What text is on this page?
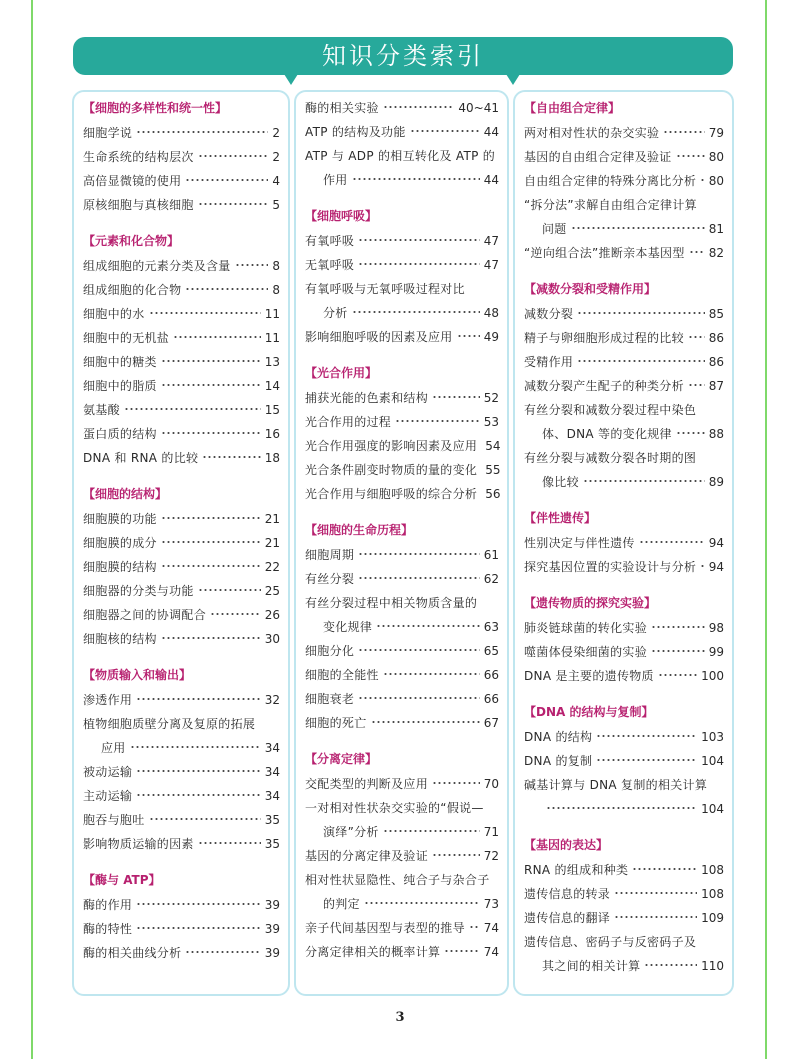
知识分类索引
【细胞的多样性和统一性】
细胞学说	2
生命系统的结构层次	2
高倍显微镜的使用	4
原核细胞与真核细胞	5
【元素和化合物】
组成细胞的元素分类及含量	8
组成细胞的化合物	8
细胞中的水	11
细胞中的无机盐	11
细胞中的糖类	13
细胞中的脂质	14
氨基酸	15
蛋白质的结构	16
DNA 和 RNA 的比较	18
【细胞的结构】
细胞膜的功能	21
细胞膜的成分	21
细胞膜的结构	22
细胞器的分类与功能	25
细胞器之间的协调配合	26
细胞核的结构	30
【物质输入和输出】
渗透作用	32
植物细胞质壁分离及复原的拓展
应用	34
被动运输	34
主动运输	34
胞吞与胞吐	35
影响物质运输的因素	35
【酶与 ATP】
酶的作用	39
酶的特性	39
酶的相关曲线分析	39
酶的相关实验	40~41
ATP 的结构及功能	44
ATP 与 ADP 的相互转化及 ATP 的
作用	44
【细胞呼吸】
有氧呼吸	47
无氧呼吸	47
有氧呼吸与无氧呼吸过程对比
分析	48
影响细胞呼吸的因素及应用	49
【光合作用】
捕获光能的色素和结构	52
光合作用的过程	53
光合作用强度的影响因素及应用 54
光合条件剧变时物质的量的变化 55
光合作用与细胞呼吸的综合分析 56
【细胞的生命历程】
细胞周期	61
有丝分裂	62
有丝分裂过程中相关物质含量的
变化规律	63
细胞分化	65
细胞的全能性	66
细胞衰老	66
细胞的死亡	67
【分离定律】
交配类型的判断及应用	70
一对相对性状杂交实验的“假说—
演绎”分析	71
基因的分离定律及验证	72
相对性状显隐性、纯合子与杂合子
的判定	73
亲子代间基因型与表型的推导 74
分离定律相关的概率计算	74
【自由组合定律】
两对相对性状的杂交实验	79
基因的自由组合定律及验证	80
自由组合定律的特殊分离比分析 80
“拆分法”求解自由组合定律计算
问题	81
“逆向组合法”推断亲本基因型 82
【减数分裂和受精作用】
减数分裂	85
精子与卵细胞形成过程的比较 86
受精作用	86
减数分裂产生配子的种类分析 87
有丝分裂和减数分裂过程中染色
体、DNA 等的变化规律	88
有丝分裂与减数分裂各时期的图
像比较	89
【伴性遗传】
性别决定与伴性遗传	94
探究基因位置的实验设计与分析 94
【遗传物质的探究实验】
肺炎链球菌的转化实验	98
噬菌体侵染细菌的实验	99
DNA 是主要的遗传物质	100
【DNA 的结构与复制】
DNA 的结构	103
DNA 的复制	104
碱基计算与 DNA 复制的相关计算
104
【基因的表达】
RNA 的组成和种类	108
遗传信息的转录	108
遗传信息的翻译	109
遗传信息、密码子与反密码子及
其之间的相关计算	110
3
